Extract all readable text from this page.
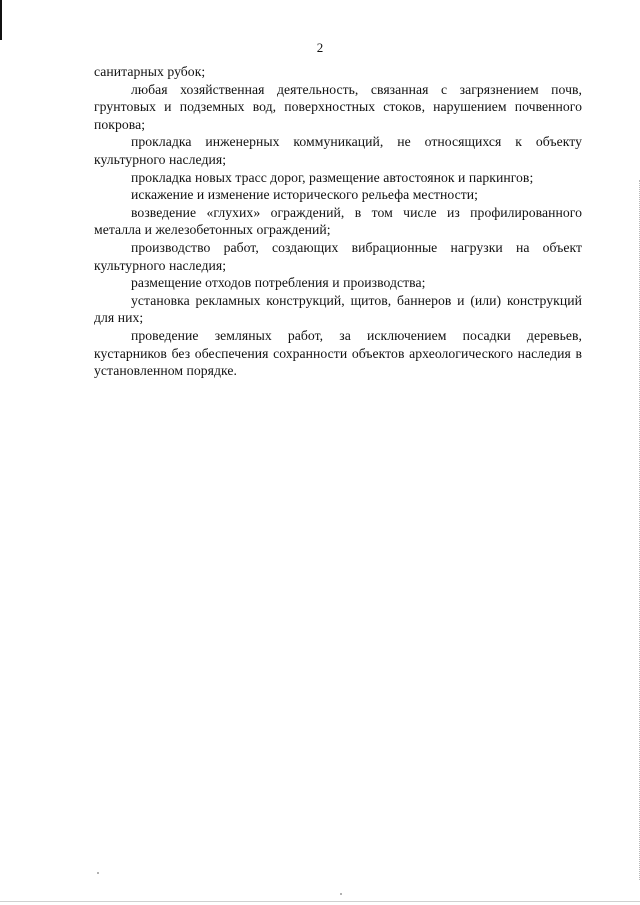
2

санитарных рубок;

любая хозяйственная деятельность, связанная с загрязнением почв, грунтовых и подземных вод, поверхностных стоков, нарушением почвенного покрова;

прокладка инженерных коммуникаций, не относящихся к объекту культурного наследия;

прокладка новых трасс дорог, размещение автостоянок и паркингов;

искажение и изменение исторического рельефа местности;

возведение «глухих» ограждений, в том числе из профилированного металла и железобетонных ограждений;

производство работ, создающих вибрационные нагрузки на объект культурного наследия;

размещение отходов потребления и производства;

установка рекламных конструкций, щитов, баннеров и (или) конструкций для них;

проведение земляных работ, за исключением посадки деревьев, кустарников без обеспечения сохранности объектов археологического наследия в установленном порядке.
